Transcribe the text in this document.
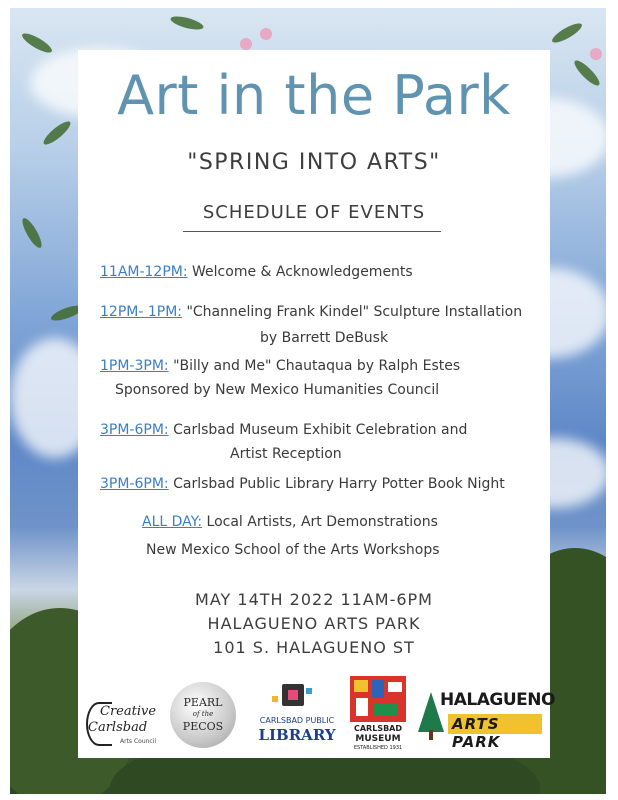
Art in the Park
"SPRING INTO ARTS"
SCHEDULE OF EVENTS
11AM-12PM: Welcome & Acknowledgements
12PM- 1PM: "Channeling Frank Kindel" Sculpture Installation
by Barrett DeBusk
1PM-3PM: "Billy and Me" Chautaqua by Ralph Estes
Sponsored by New Mexico Humanities Council
3PM-6PM: Carlsbad Museum Exhibit Celebration and
Artist Reception
3PM-6PM: Carlsbad Public Library Harry Potter Book Night
ALL DAY: Local Artists, Art Demonstrations
New Mexico School of the Arts Workshops
MAY 14TH 2022 11AM-6PM
HALAGUENO ARTS PARK
101 S. HALAGUENO ST
Creative
Carlsbad
Arts Council
PEARL
of the
PECOS	CARLSBAD PUBLIC
LIBRARY	CARLSBAD
MUSEUM
ESTABLISHED 1931
HALAGUENO
ARTS PARK
